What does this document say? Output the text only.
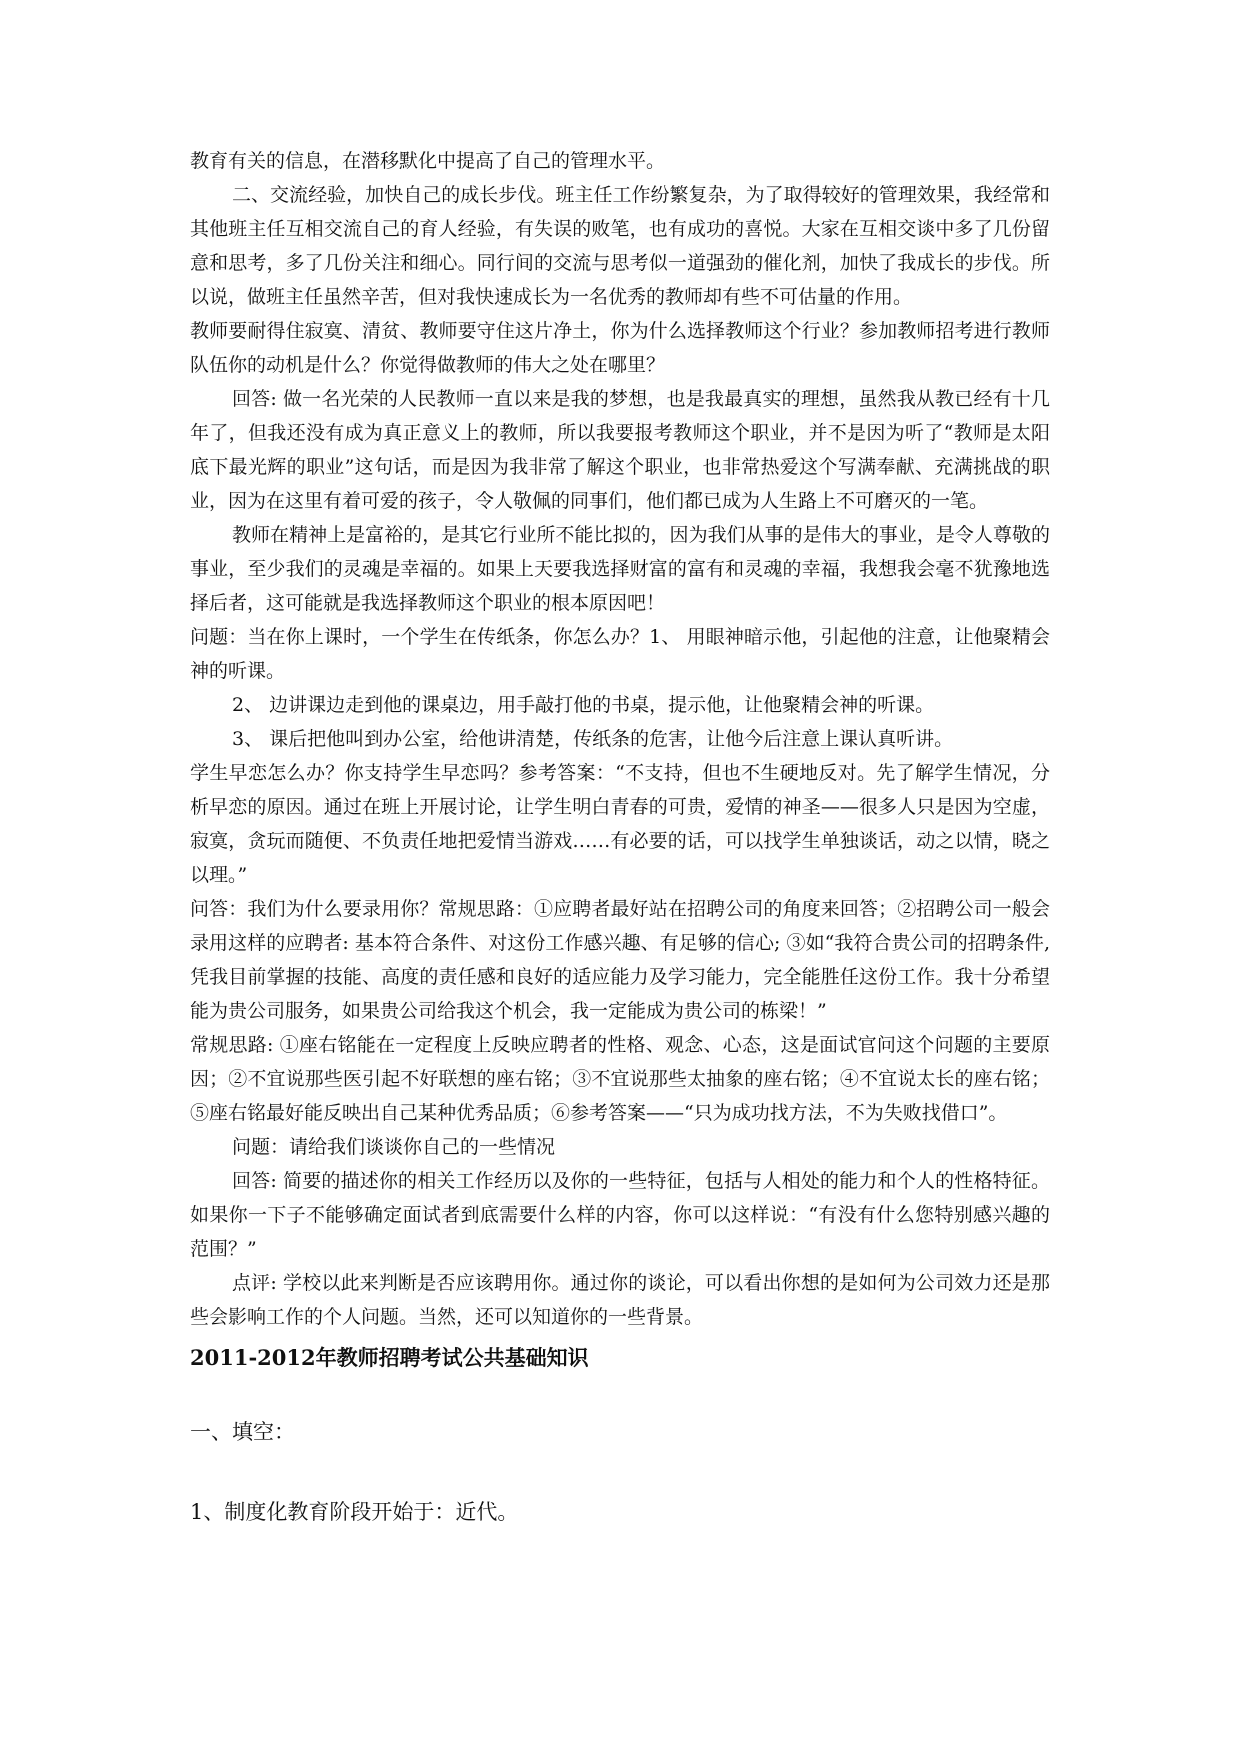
教育有关的信息，在潜移默化中提高了自己的管理水平。

二、交流经验，加快自己的成长步伐。班主任工作纷繁复杂，为了取得较好的管理效果，我经常和其他班主任互相交流自己的育人经验，有失误的败笔，也有成功的喜悦。大家在互相交谈中多了几份留意和思考，多了几份关注和细心。同行间的交流与思考似一道强劲的催化剂，加快了我成长的步伐。所以说，做班主任虽然辛苦，但对我快速成长为一名优秀的教师却有些不可估量的作用。

教师要耐得住寂寞、清贫、教师要守住这片净土，你为什么选择教师这个行业？参加教师招考进行教师队伍你的动机是什么？你觉得做教师的伟大之处在哪里？

回答: 做一名光荣的人民教师一直以来是我的梦想，也是我最真实的理想，虽然我从教已经有十几年了，但我还没有成为真正意义上的教师，所以我要报考教师这个职业，并不是因为听了“教师是太阳底下最光辉的职业”这句话，而是因为我非常了解这个职业，也非常热爱这个写满奉献、充满挑战的职业，因为在这里有着可爱的孩子，令人敬佩的同事们，他们都已成为人生路上不可磨灭的一笔。

教师在精神上是富裕的，是其它行业所不能比拟的，因为我们从事的是伟大的事业，是令人尊敬的事业，至少我们的灵魂是幸福的。如果上天要我选择财富的富有和灵魂的幸福，我想我会毫不犹豫地选择后者，这可能就是我选择教师这个职业的根本原因吧！

问题：当在你上课时，一个学生在传纸条，你怎么办？1、 用眼神暗示他，引起他的注意，让他聚精会神的听课。

2、 边讲课边走到他的课桌边，用手敲打他的书桌，提示他，让他聚精会神的听课。

3、 课后把他叫到办公室，给他讲清楚，传纸条的危害，让他今后注意上课认真听讲。

学生早恋怎么办？你支持学生早恋吗？参考答案：“不支持，但也不生硬地反对。先了解学生情况，分析早恋的原因。通过在班上开展讨论，让学生明白青春的可贵，爱情的神圣——很多人只是因为空虚，寂寞，贪玩而随便、不负责任地把爱情当游戏……有必要的话，可以找学生单独谈话，动之以情，晓之以理。”

问答：我们为什么要录用你？常规思路：①应聘者最好站在招聘公司的角度来回答；②招聘公司一般会录用这样的应聘者: 基本符合条件、对这份工作感兴趣、有足够的信心; ③如“我符合贵公司的招聘条件,凭我目前掌握的技能、高度的责任感和良好的适应能力及学习能力，完全能胜任这份工作。我十分希望能为贵公司服务，如果贵公司给我这个机会，我一定能成为贵公司的栋梁！”

常规思路: ①座右铭能在一定程度上反映应聘者的性格、观念、心态，这是面试官问这个问题的主要原因；②不宜说那些医引起不好联想的座右铭；③不宜说那些太抽象的座右铭；④不宜说太长的座右铭；⑤座右铭最好能反映出自己某种优秀品质；⑥参考答案——“只为成功找方法，不为失败找借口”。

问题：请给我们谈谈你自己的一些情况

回答: 简要的描述你的相关工作经历以及你的一些特征，包括与人相处的能力和个人的性格特征。如果你一下子不能够确定面试者到底需要什么样的内容，你可以这样说：“有没有什么您特别感兴趣的范围？”

点评: 学校以此来判断是否应该聘用你。通过你的谈论，可以看出你想的是如何为公司效力还是那些会影响工作的个人问题。当然，还可以知道你的一些背景。

2011-2012年教师招聘考试公共基础知识

一、填空：

1、制度化教育阶段开始于：近代。
